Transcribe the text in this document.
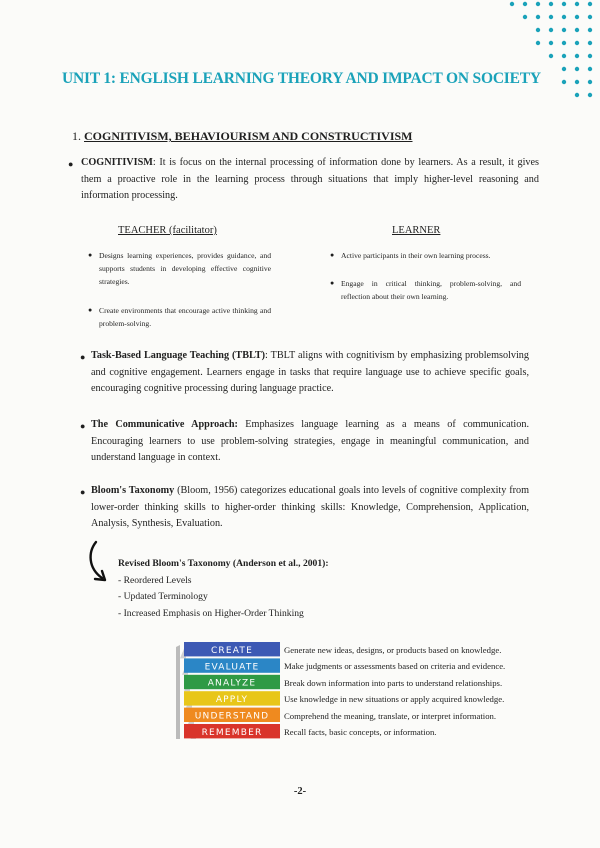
UNIT 1: ENGLISH LEARNING THEORY AND IMPACT ON SOCIETY
1. COGNITIVISM, BEHAVIOURISM AND CONSTRUCTIVISM
● COGNITIVISM: It is focus on the internal processing of information done by learners. As a result, it gives them a proactive role in the learning process through situations that imply higher-level reasoning and information processing.
TEACHER (facilitator)	LEARNER
● Designs learning experiences, provides guidance, and supports students in developing effective cognitive strategies.
● Create environments that encourage active thinking and problem-solving.
● Active participants in their own learning process.
● Engage in critical thinking, problem-solving, and reflection about their own learning.
● Task-Based Language Teaching (TBLT): TBLT aligns with cognitivism by emphasizing problemsolving and cognitive engagement. Learners engage in tasks that require language use to achieve specific goals, encouraging cognitive processing during language practice.
● The Communicative Approach: Emphasizes language learning as a means of communication. Encouraging learners to use problem-solving strategies, engage in meaningful communication, and understand language in context.
● Bloom's Taxonomy (Bloom, 1956) categorizes educational goals into levels of cognitive complexity from lower-order thinking skills to higher-order thinking skills: Knowledge, Comprehension, Application, Analysis, Synthesis, Evaluation.
Revised Bloom's Taxonomy (Anderson et al., 2001):
- Reordered Levels
- Updated Terminology
- Increased Emphasis on Higher-Order Thinking
CREATE
EVALUATE
ANALYZE
APPLY
UNDERSTAND
REMEMBER
Generate new ideas, designs, or products based on knowledge.
Make judgments or assessments based on criteria and evidence.
Break down information into parts to understand relationships.
Use knowledge in new situations or apply acquired knowledge.
Comprehend the meaning, translate, or interpret information.
Recall facts, basic concepts, or information.
-2-
